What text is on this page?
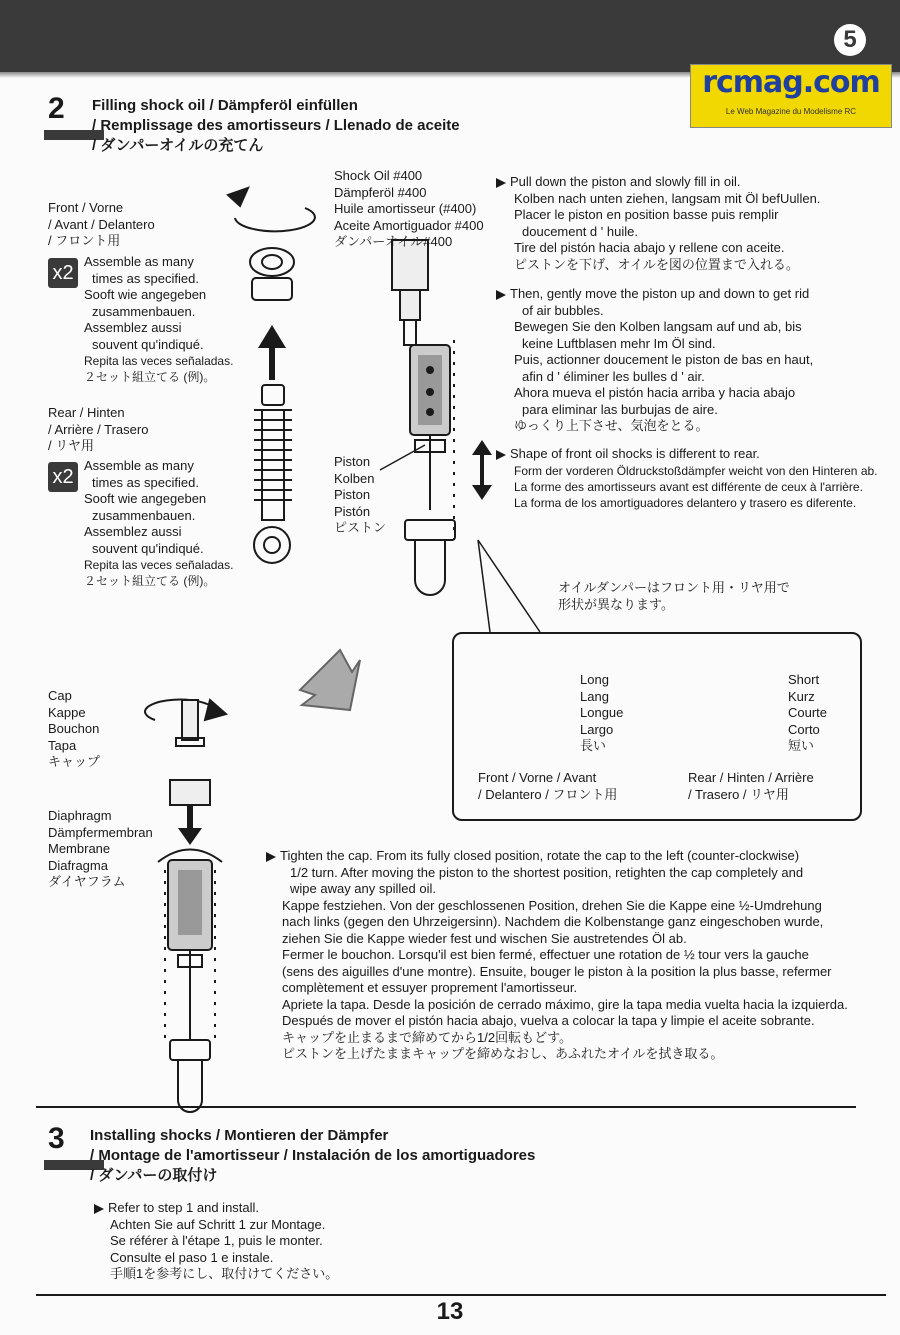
5
rcmag.com
Le Web Magazine du Modelisme RC
2 Filling shock oil / Dämpferöl einfüllen
/ Remplissage des amortisseurs / Llenado de aceite
/ ダンパーオイルの充てん
Front / Vorne
/ Avant / Delantero
/ フロント用
x2
Assemble as many
times as specified.
Sooft wie angegeben
zusammenbauen.
Assemblez aussi
souvent qu'indiqué.
Repita las veces señaladas.
２セット組立てる (例)。
Rear / Hinten
/ Arrière / Trasero
/ リヤ用
x2
Assemble as many
times as specified.
Sooft wie angegeben
zusammenbauen.
Assemblez aussi
souvent qu'indiqué.
Repita las veces señaladas.
２セット組立てる (例)。
Shock Oil #400
Dämpferöl #400
Huile amortisseur (#400)
Aceite Amortiguador #400
ダンパーオイル#400
Piston
Kolben
Piston
Pistón
ピストン
Pull down the piston and slowly fill in oil.
Kolben nach unten ziehen, langsam mit Öl befUullen.
Placer le piston en position basse puis remplir
doucement d ' huile.
Tire del pistón hacia abajo y rellene con aceite.
ピストンを下げ、オイルを図の位置まで入れる。
Then, gently move the piston up and down to get rid
of air bubbles.
Bewegen Sie den Kolben langsam auf und ab, bis
keine Luftblasen mehr Im Öl sind.
Puis, actionner doucement le piston de bas en haut,
afin d ' éliminer les bulles d ' air.
Ahora mueva el pistón hacia arriba y hacia abajo
para eliminar las burbujas de aire.
ゆっくり上下させ、気泡をとる。
Shape of front oil shocks is different to rear.
Form der vorderen Öldruckstoßdämpfer weicht von den Hinteren ab.
La forme des amortisseurs avant est différente de ceux à l'arrière.
La forma de los amortiguadores delantero y trasero es diferente.
オイルダンパーはフロント用・リヤ用で
形状が異なります。
Long
Lang
Longue
Largo
長い
Short
Kurz
Courte
Corto
短い
Front / Vorne / Avant
/ Delantero / フロント用
Rear / Hinten / Arrière
/ Trasero / リヤ用
Cap
Kappe
Bouchon
Tapa
キャップ
Diaphragm
Dämpfermembran
Membrane
Diafragma
ダイヤフラム
Tighten the cap. From its fully closed position, rotate the cap to the left (counter-clockwise)
1/2 turn. After moving the piston to the shortest position, retighten the cap completely and
wipe away any spilled oil.
Kappe festziehen. Von der geschlossenen Position, drehen Sie die Kappe eine ½-Umdrehung
nach links (gegen den Uhrzeigersinn). Nachdem die Kolbenstange ganz eingeschoben wurde,
ziehen Sie die Kappe wieder fest und wischen Sie austretendes Öl ab.
Fermer le bouchon. Lorsqu'il est bien fermé, effectuer une rotation de ½ tour vers la gauche
(sens des aiguilles d'une montre). Ensuite, bouger le piston à la position la plus basse, refermer
complètement et essuyer proprement l'amortisseur.
Apriete la tapa. Desde la posición de cerrado máximo, gire la tapa media vuelta hacia la izquierda.
Después de mover el pistón hacia abajo, vuelva a colocar la tapa y limpie el aceite sobrante.
キャップを止まるまで締めてから1/2回転もどす。
ピストンを上げたままキャップを締めなおし、あふれたオイルを拭き取る。
3 Installing shocks / Montieren der Dämpfer
/ Montage de l'amortisseur / Instalación de los amortiguadores
/ ダンパーの取付け
Refer to step 1 and install.
Achten Sie auf Schritt 1 zur Montage.
Se référer à l'étape 1, puis le monter.
Consulte el paso 1 e instale.
手順1を参考にし、取付けてください。
13
